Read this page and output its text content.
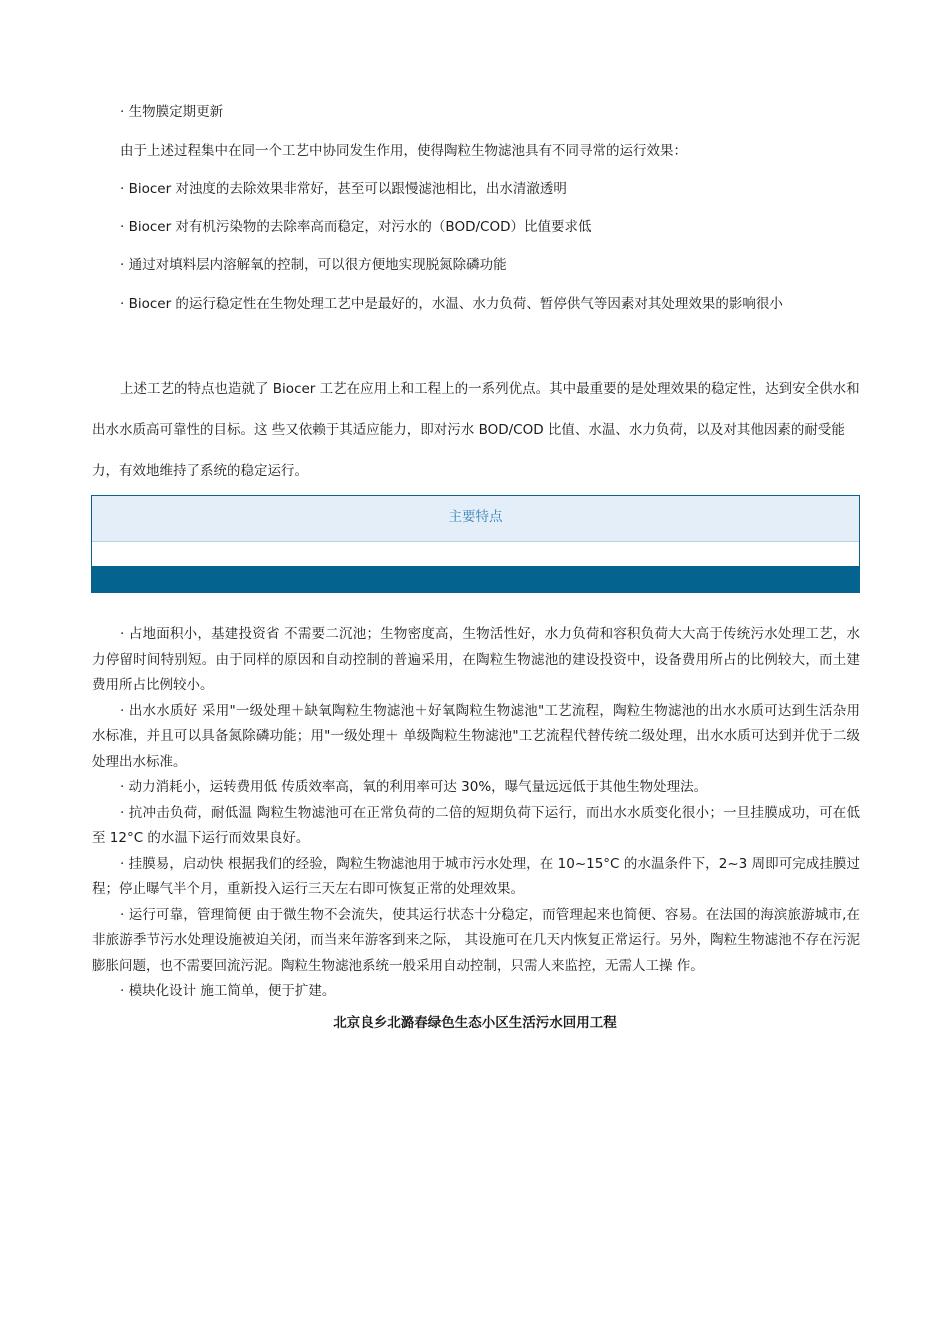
· 生物膜定期更新
由于上述过程集中在同一个工艺中协同发生作用，使得陶粒生物滤池具有不同寻常的运行效果：
· Biocer 对浊度的去除效果非常好，甚至可以跟慢滤池相比，出水清澈透明
· Biocer 对有机污染物的去除率高而稳定，对污水的（BOD/COD）比值要求低
· 通过对填料层内溶解氧的控制，可以很方便地实现脱氮除磷功能
· Biocer 的运行稳定性在生物处理工艺中是最好的，水温、水力负荷、暂停供气等因素对其处理效果的影响很小

上述工艺的特点也造就了 Biocer 工艺在应用上和工程上的一系列优点。其中最重要的是处理效果的稳定性，达到安全供水和出水水质高可靠性的目标。这 些又依赖于其适应能力，即对污水 BOD/COD 比值、水温、水力负荷，以及对其他因素的耐受能力，有效地维持了系统的稳定运行。

主要特点

· 占地面积小，基建投资省 不需要二沉池；生物密度高，生物活性好，水力负荷和容积负荷大大高于传统污水处理工艺，水力停留时间特别短。由于同样的原因和自动控制的普遍采用，在陶粒生物滤池的建设投资中，设备费用所占的比例较大，而土建费用所占比例较小。

· 出水水质好 采用"一级处理＋缺氧陶粒生物滤池＋好氧陶粒生物滤池"工艺流程，陶粒生物滤池的出水水质可达到生活杂用水标准，并且可以具备氮除磷功能；用"一级处理＋ 单级陶粒生物滤池"工艺流程代替传统二级处理，出水水质可达到并优于二级处理出水标准。

· 动力消耗小，运转费用低 传质效率高，氧的利用率可达 30%，曝气量远远低于其他生物处理法。

· 抗冲击负荷，耐低温 陶粒生物滤池可在正常负荷的二倍的短期负荷下运行，而出水水质变化很小；一旦挂膜成功，可在低至 12°C 的水温下运行而效果良好。

· 挂膜易，启动快 根据我们的经验，陶粒生物滤池用于城市污水处理，在 10~15°C 的水温条件下，2~3 周即可完成挂膜过程；停止曝气半个月，重新投入运行三天左右即可恢复正常的处理效果。

· 运行可靠，管理简便 由于微生物不会流失，使其运行状态十分稳定，而管理起来也简便、容易。在法国的海滨旅游城市,在非旅游季节污水处理设施被迫关闭，而当来年游客到来之际， 其设施可在几天内恢复正常运行。另外，陶粒生物滤池不存在污泥膨胀问题，也不需要回流污泥。陶粒生物滤池系统一般采用自动控制，只需人来监控，无需人工操 作。

· 模块化设计 施工简单，便于扩建。

北京良乡北潞春绿色生态小区生活污水回用工程
